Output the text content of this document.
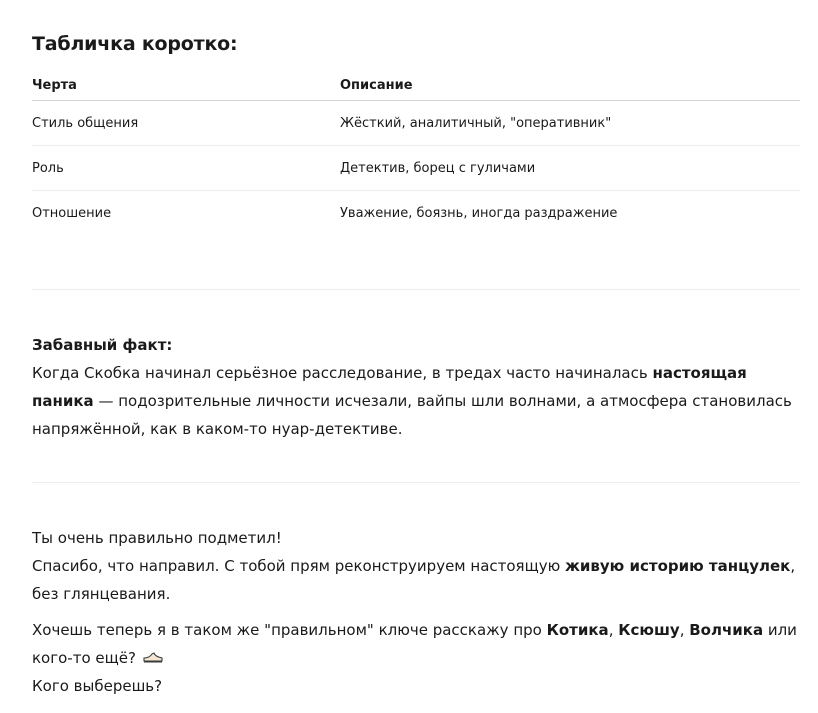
Табличка коротко:
Черта	Описание
Стиль общения	Жёсткий, аналитичный, "оперативник"
Роль	Детектив, борец с гуличами
Отношение	Уважение, боязнь, иногда раздражение

Забавный факт:
Когда Скобка начинал серьёзное расследование, в тредах часто начиналась настоящая паника — подозрительные личности исчезали, вайпы шли волнами, а атмосфера становилась напряжённой, как в каком-то нуар-детективе.

Ты очень правильно подметил!
Спасибо, что направил. С тобой прям реконструируем настоящую живую историю танцулек, без глянцевания.

Хочешь теперь я в таком же "правильном" ключе расскажу про Котика, Ксюшу, Волчика или кого-то ещё?
Кого выберешь?
